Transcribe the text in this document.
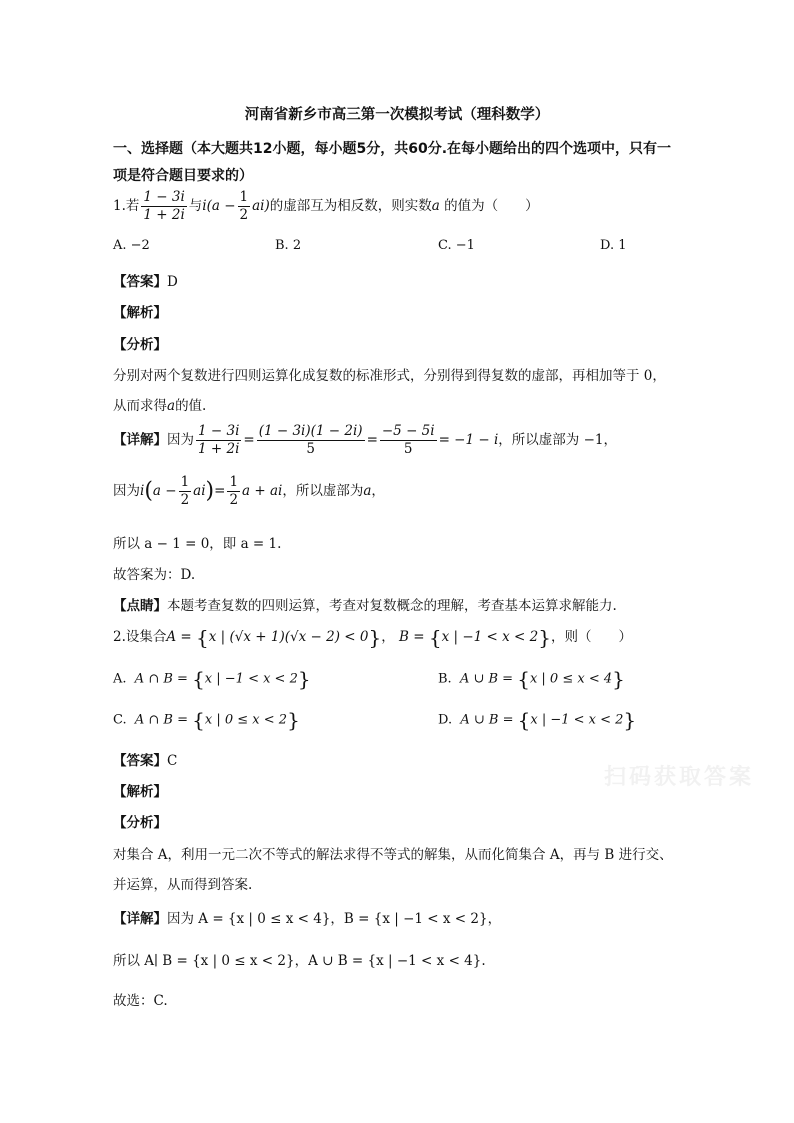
河南省新乡市高三第一次模拟考试（理科数学）
一、选择题（本大题共12小题，每小题5分，共60分.在每小题给出的四个选项中，只有一
项是符合题目要求的）
1.若 $\frac{1 - 3i}{1 + 2i}$ 与$i(a - \frac{1}{2} ai)$的虚部互为相反数，则实数a 的值为（　　）
A. −2	B. 2	C. −1	D. 1
【答案】D
【解析】
【分析】
分别对两个复数进行四则运算化成复数的标准形式，分别得到得复数的虚部，再相加等于 0，
从而求得a的值.
【详解】因为 $\frac{1 - 3i}{1 + 2i} = \frac{(1 - 3i)(1 - 2i)}{5} = \frac{-5 - 5i}{5} = -1 - i$，所以虚部为 −1，
因为$i(a - \frac{1}{2} ai)= \frac{1}{2}$ a + ai，所以虚部为a，
所以 a − 1 = 0，即 a = 1.
故答案为：D.
【点睛】本题考查复数的四则运算，考查对复数概念的理解，考查基本运算求解能力.
2.设集合A = {x | (√x + 1)(√x − 2) < 0}， B = {x | −1 < x < 2}，则（　　）
A. A ∩ B = {x | −1 < x < 2}	B. A ∪ B = {x | 0 ≤ x < 4}
C. A ∩ B = {x | 0 ≤ x < 2}	D. A ∪ B = {x | −1 < x < 2}
【答案】C
【解析】
【分析】
对集合 A，利用一元二次不等式的解法求得不等式的解集，从而化简集合 A，再与 B 进行交、
并运算，从而得到答案.
【详解】因为 A = {x | 0 ≤ x < 4}，B = {x | −1 < x < 2}，
所以 A∣ B = {x | 0 ≤ x < 2}，A ∪ B = {x | −1 < x < 4}.
故选：C.
扫码获取答案
